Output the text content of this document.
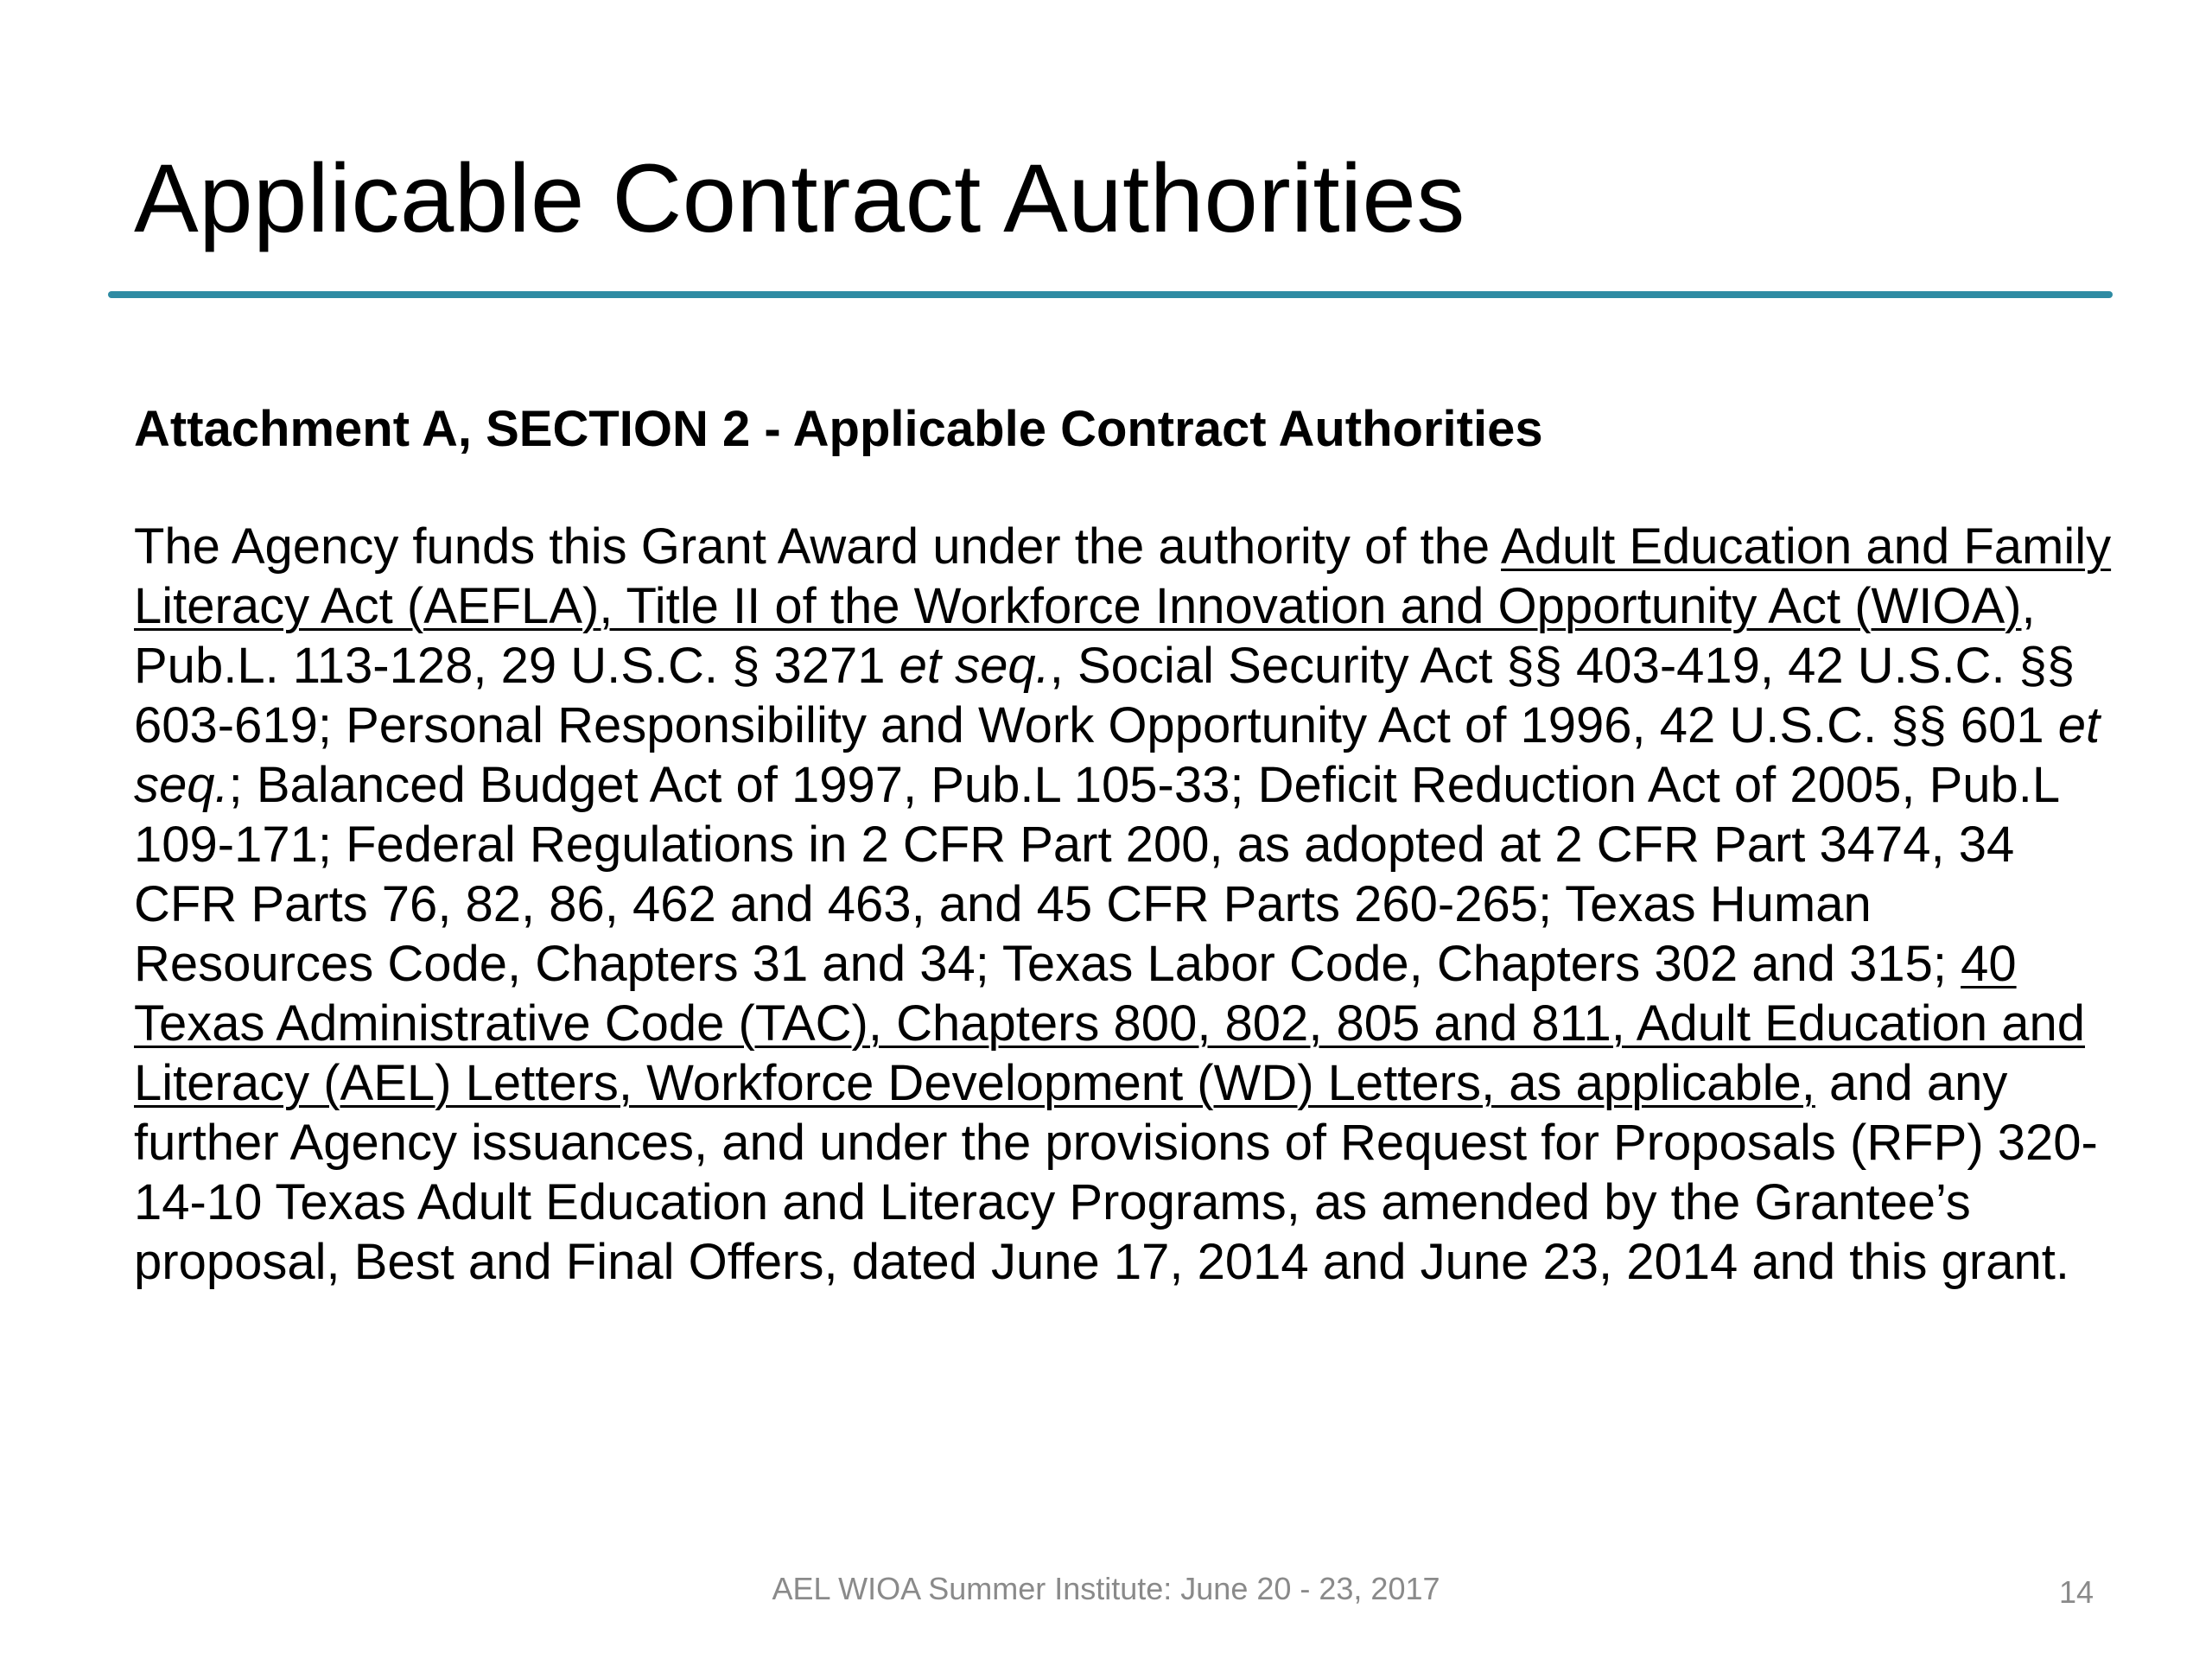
Applicable Contract Authorities
Attachment A, SECTION 2 - Applicable Contract Authorities

The Agency funds this Grant Award under the authority of the Adult Education and Family Literacy Act (AEFLA), Title II of the Workforce Innovation and Opportunity Act (WIOA), Pub.L. 113-128, 29 U.S.C. § 3271 et seq., Social Security Act §§ 403-419, 42 U.S.C. §§ 603-619; Personal Responsibility and Work Opportunity Act of 1996, 42 U.S.C. §§ 601 et seq.; Balanced Budget Act of 1997, Pub.L 105-33; Deficit Reduction Act of 2005, Pub.L 109-171; Federal Regulations in 2 CFR Part 200, as adopted at 2 CFR Part 3474, 34 CFR Parts 76, 82, 86, 462 and 463, and 45 CFR Parts 260-265; Texas Human Resources Code, Chapters 31 and 34; Texas Labor Code, Chapters 302 and 315; 40 Texas Administrative Code (TAC), Chapters 800, 802, 805 and 811, Adult Education and Literacy (AEL) Letters, Workforce Development (WD) Letters, as applicable, and any further Agency issuances, and under the provisions of Request for Proposals (RFP) 320-14-10 Texas Adult Education and Literacy Programs, as amended by the Grantee’s proposal, Best and Final Offers, dated June 17, 2014 and June 23, 2014 and this grant.

AEL WIOA Summer Institute: June 20 - 23, 2017	14
